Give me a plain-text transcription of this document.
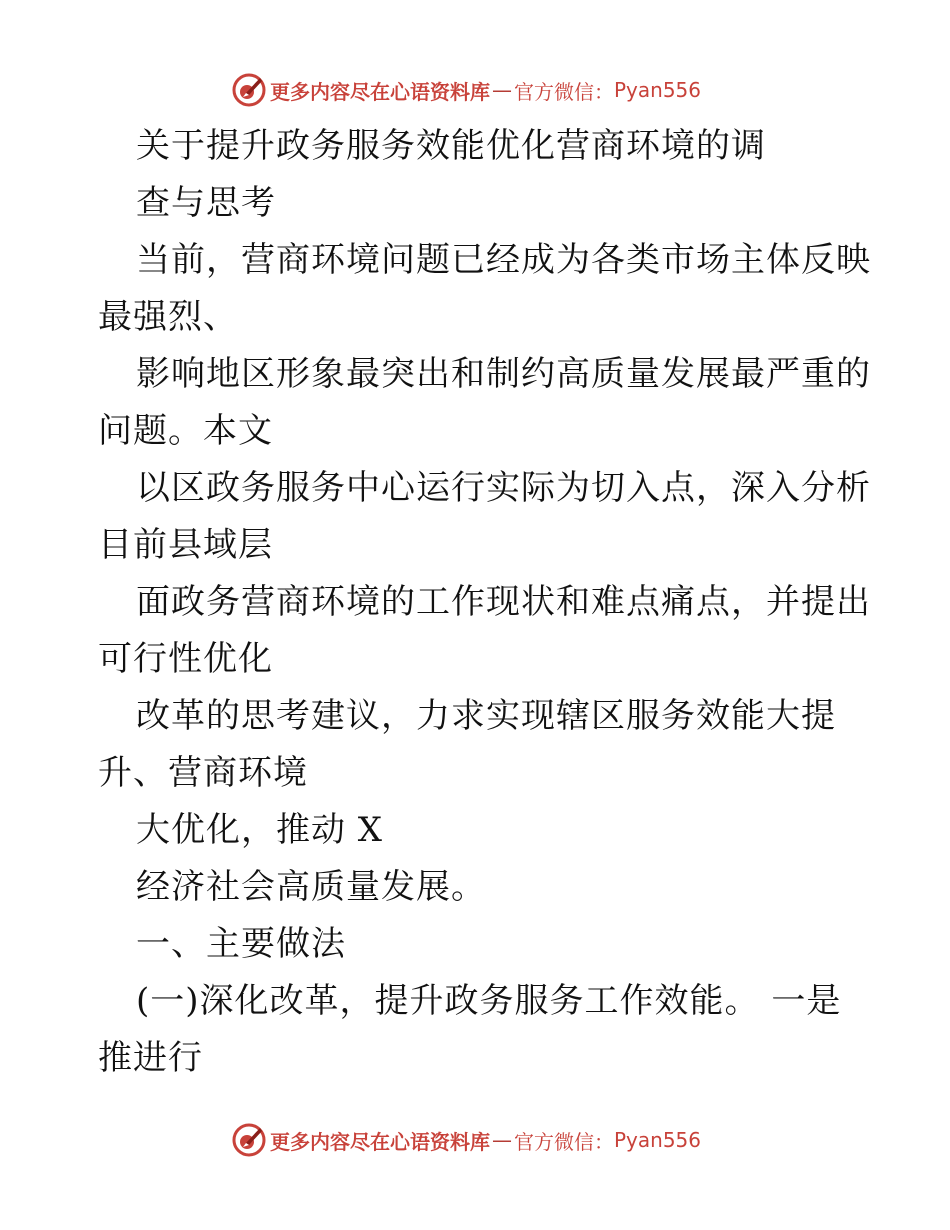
更多内容尽在心语资料库 — 官方微信： Pyan556
关于提升政务服务效能优化营商环境的调
查与思考
当前，营商环境问题已经成为各类市场主体反映
最强烈、
影响地区形象最突出和制约高质量发展最严重的
问题。本文
以区政务服务中心运行实际为切入点，深入分析
目前县域层
面政务营商环境的工作现状和难点痛点，并提出
可行性优化
改革的思考建议，力求实现辖区服务效能大提
升、营商环境
大优化，推动 X
经济社会高质量发展。
一、主要做法
(一)深化改革，提升政务服务工作效能。 一是
推进行
更多内容尽在心语资料库 — 官方微信： Pyan556
